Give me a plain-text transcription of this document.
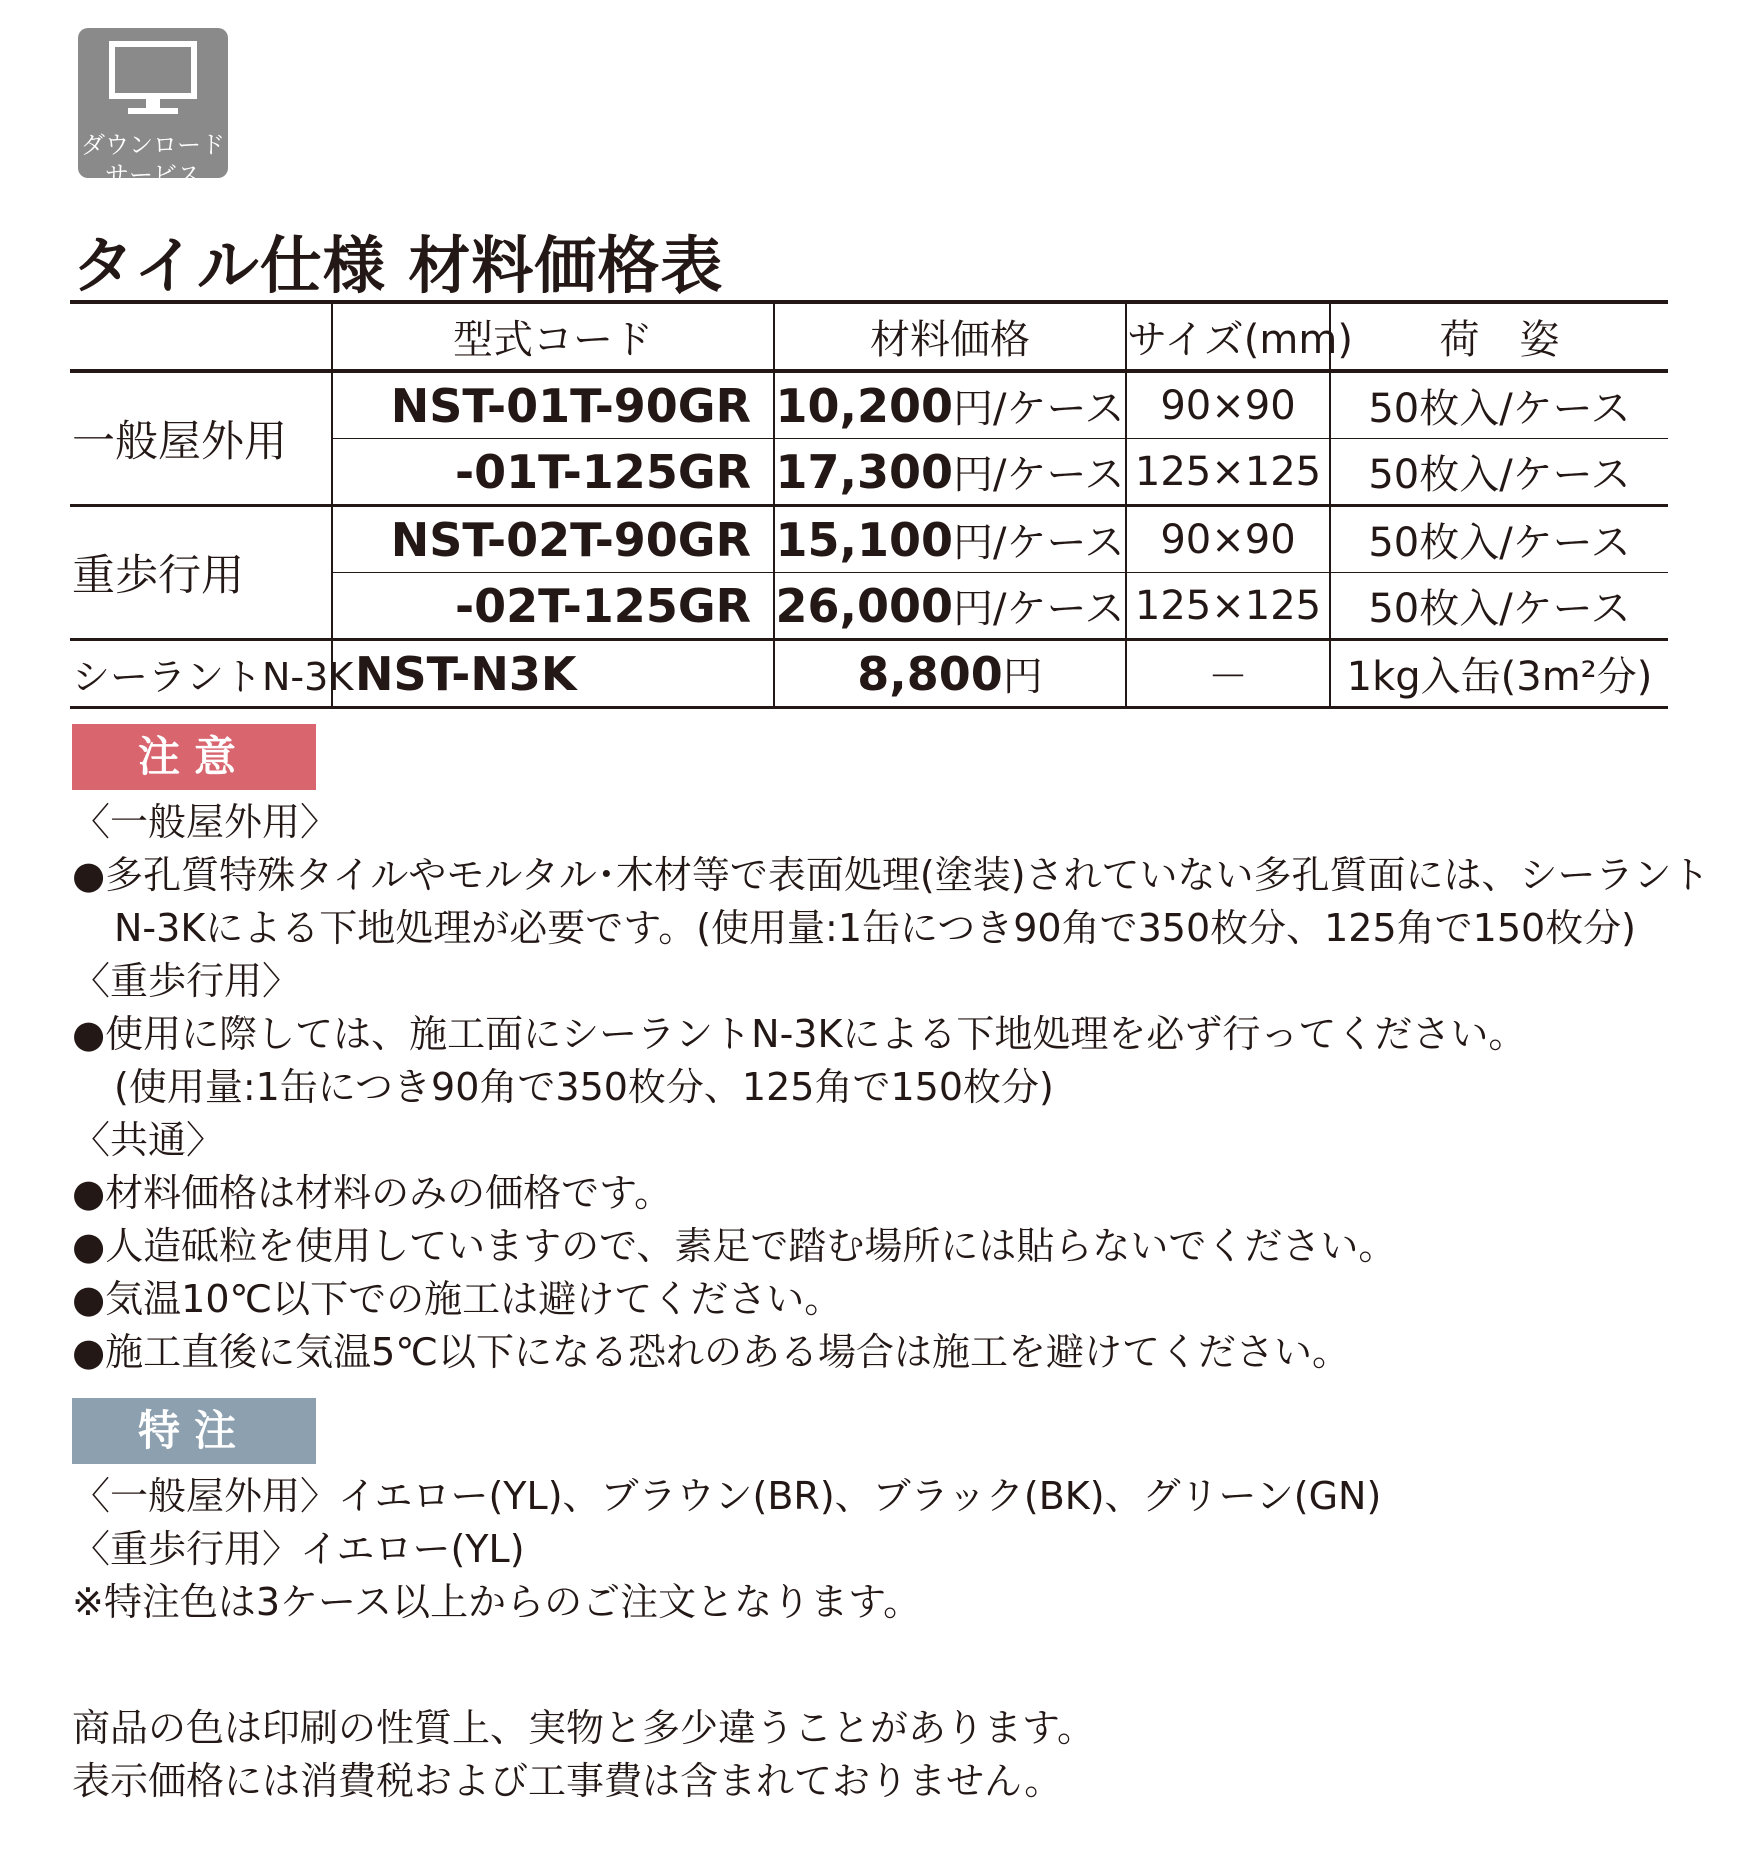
ダウンロード
サービス
タイル仕様 材料価格表
	型式コード	材料価格	サイズ(mm)	荷　姿
一般屋外用	NST-01T-90GR	10,200円/ケース	90×90	50枚入/ケース
	-01T-125GR	17,300円/ケース	125×125	50枚入/ケース
重歩行用	NST-02T-90GR	15,100円/ケース	90×90	50枚入/ケース
	-02T-125GR	26,000円/ケース	125×125	50枚入/ケース
シーラントN-3K	NST-N3K	8,800円	－	1kg入缶(3m²分)
注意
〈一般屋外用〉
●多孔質特殊タイルやモルタル･木材等で表面処理(塗装)されていない多孔質面には、シーラント
N-3Kによる下地処理が必要です。(使用量:1缶につき90角で350枚分、125角で150枚分)
〈重歩行用〉
●使用に際しては、施工面にシーラントN-3Kによる下地処理を必ず行ってください。
(使用量:1缶につき90角で350枚分、125角で150枚分)
〈共通〉
●材料価格は材料のみの価格です。
●人造砥粒を使用していますので、素足で踏む場所には貼らないでください。
●気温10℃以下での施工は避けてください。
●施工直後に気温5℃以下になる恐れのある場合は施工を避けてください。
特注
〈一般屋外用〉イエロー(YL)、ブラウン(BR)、ブラック(BK)、グリーン(GN)
〈重歩行用〉イエロー(YL)
※特注色は3ケース以上からのご注文となります。
商品の色は印刷の性質上、実物と多少違うことがあります。
表示価格には消費税および工事費は含まれておりません。
